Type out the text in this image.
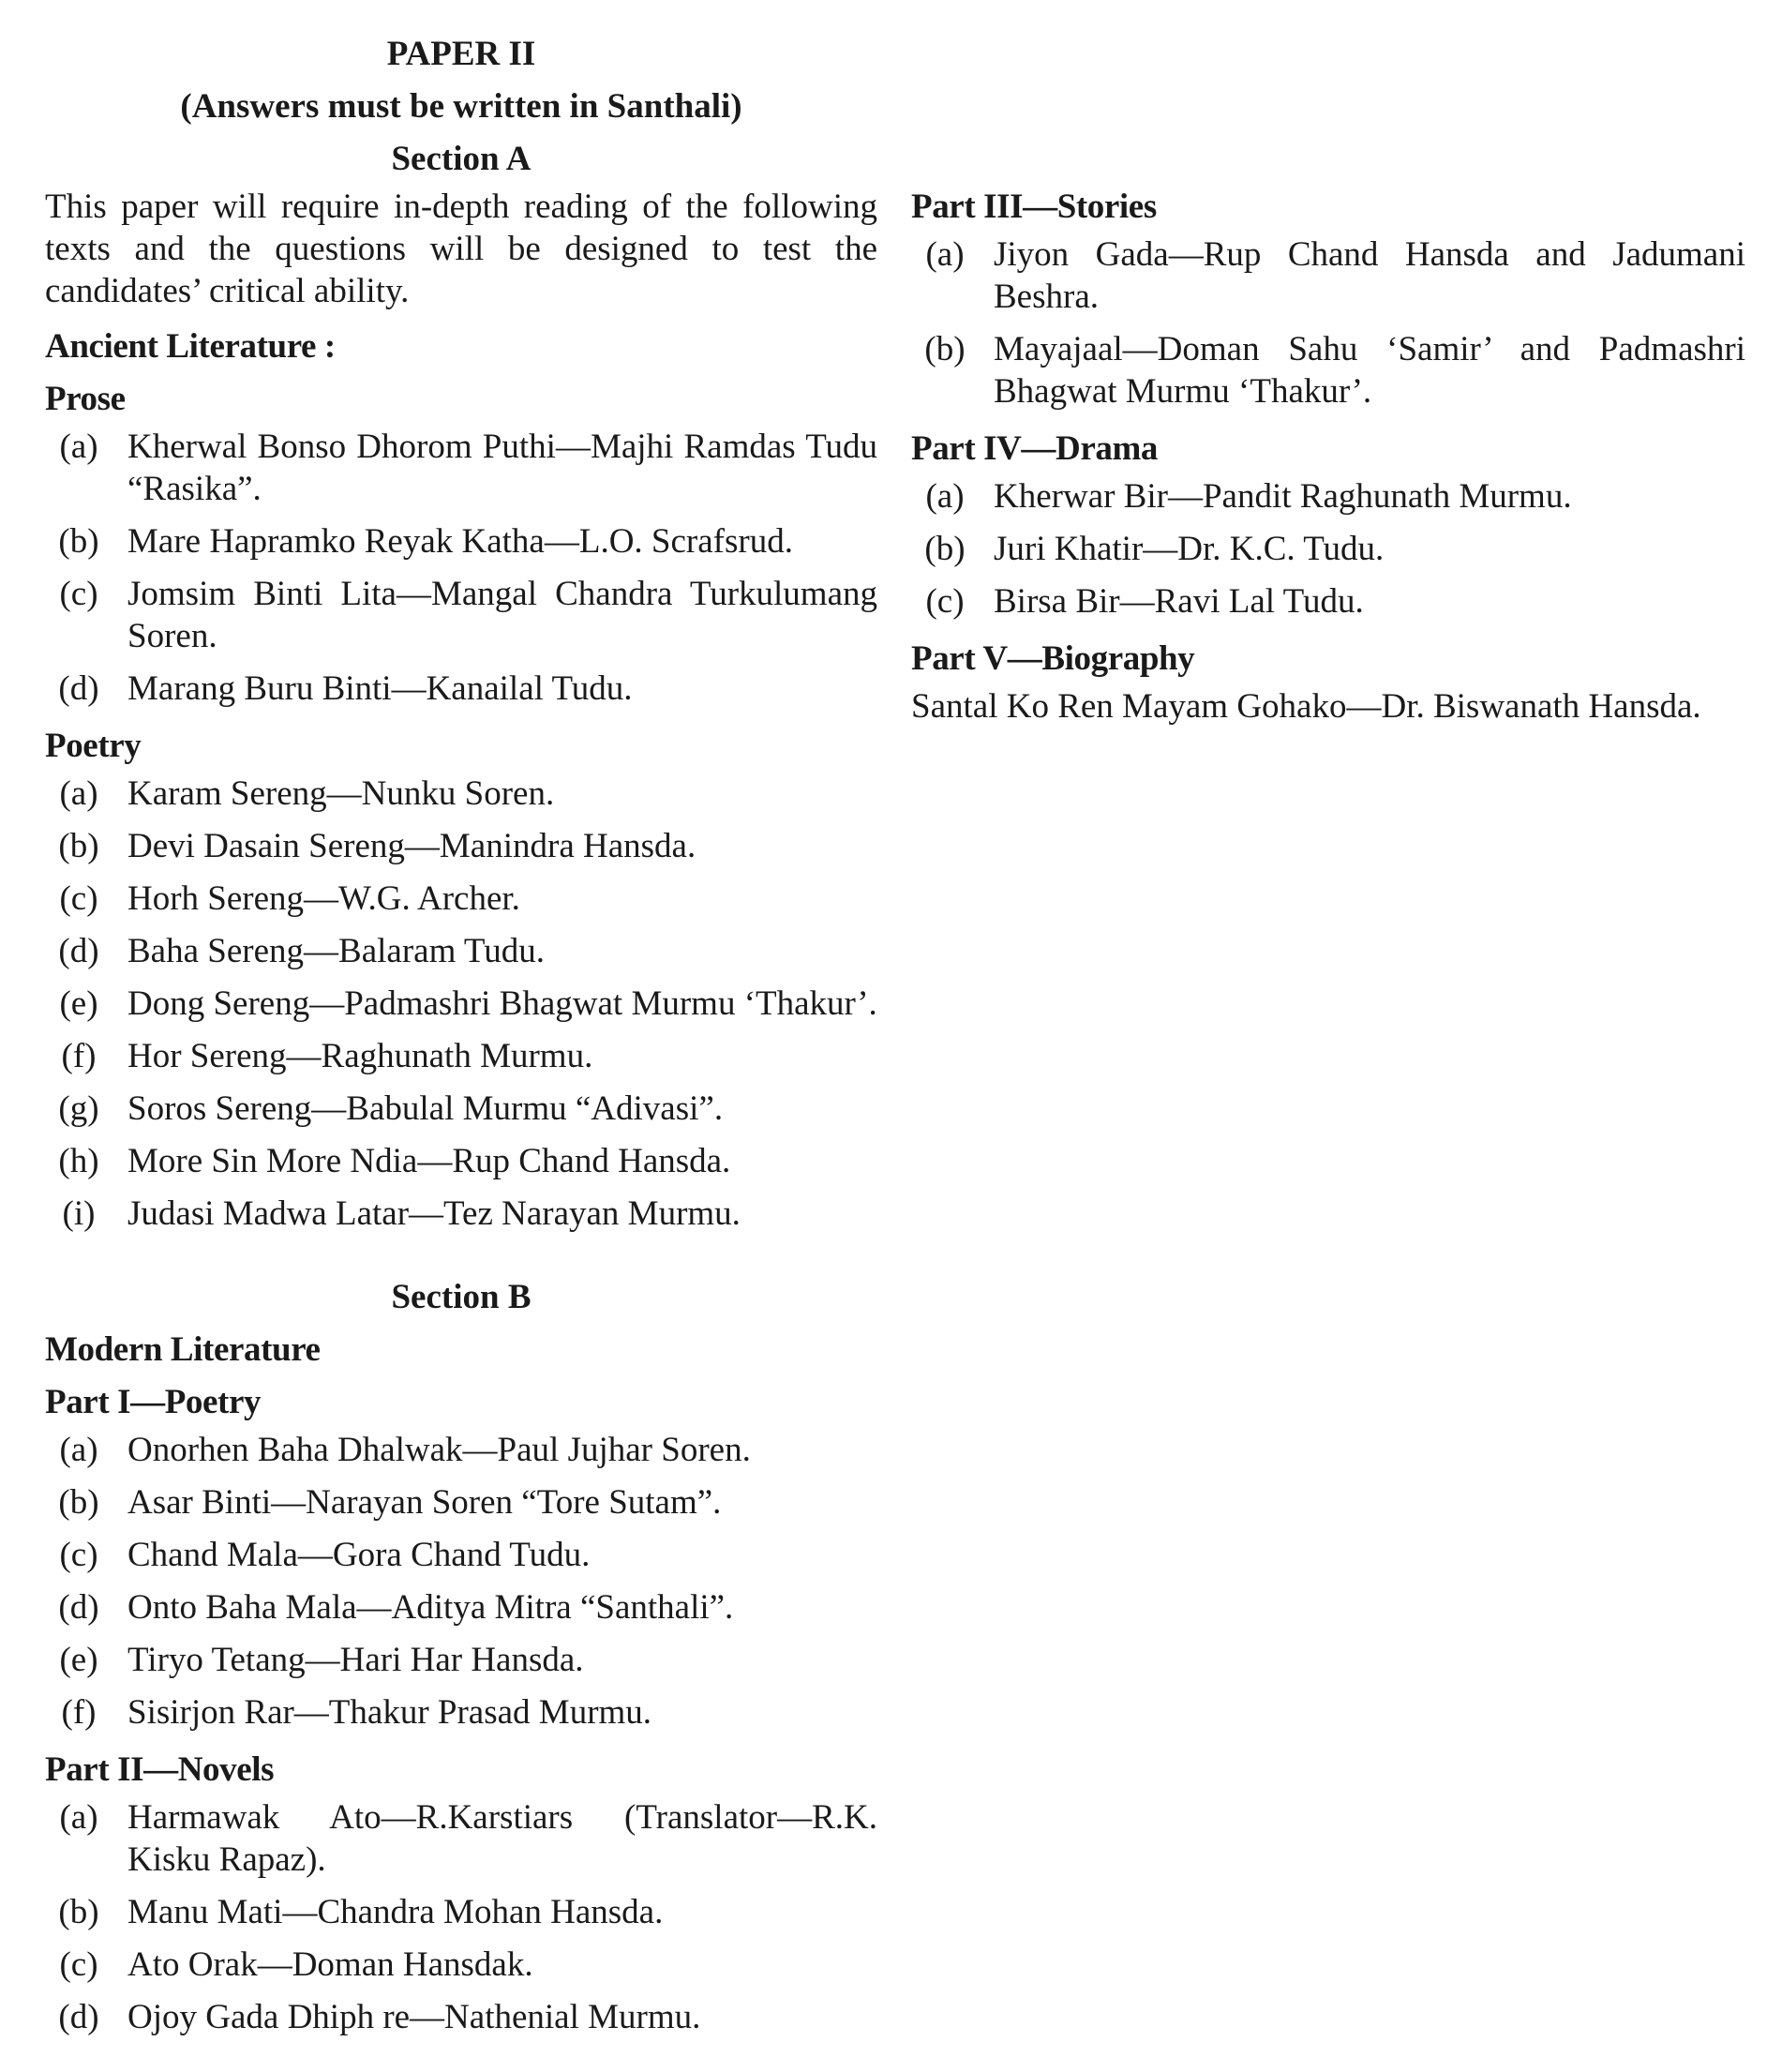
PAPER II
(Answers must be written in Santhali)
Section A

This paper will require in-depth reading of the following texts and the questions will be designed to test the candidates’ critical ability.

Ancient Literature :
Prose
(a) Kherwal Bonso Dhorom Puthi—Majhi Ramdas Tudu “Rasika”.
(b) Mare Hapramko Reyak Katha—L.O. Scrafsrud.
(c) Jomsim Binti Lita—Mangal Chandra Turkulumang Soren.
(d) Marang Buru Binti—Kanailal Tudu.
Poetry
(a) Karam Sereng—Nunku Soren.
(b) Devi Dasain Sereng—Manindra Hansda.
(c) Horh Sereng—W.G. Archer.
(d) Baha Sereng—Balaram Tudu.
(e) Dong Sereng—Padmashri Bhagwat Murmu ‘Thakur’.
(f) Hor Sereng—Raghunath Murmu.
(g) Soros Sereng—Babulal Murmu “Adivasi”.
(h) More Sin More Ndia—Rup Chand Hansda.
(i) Judasi Madwa Latar—Tez Narayan Murmu.
Section B
Modern Literature
Part I—Poetry
(a) Onorhen Baha Dhalwak—Paul Jujhar Soren.
(b) Asar Binti—Narayan Soren “Tore Sutam”.
(c) Chand Mala—Gora Chand Tudu.
(d) Onto Baha Mala—Aditya Mitra “Santhali”.
(e) Tiryo Tetang—Hari Har Hansda.
(f) Sisirjon Rar—Thakur Prasad Murmu.
Part II—Novels
(a) Harmawak Ato—R.Karstiars (Translator—R.K. Kisku Rapaz).
(b) Manu Mati—Chandra Mohan Hansda.
(c) Ato Orak—Doman Hansdak.
(d) Ojoy Gada Dhiph re—Nathenial Murmu.
Part III—Stories
(a) Jiyon Gada—Rup Chand Hansda and Jadumani Beshra.
(b) Mayajaal—Doman Sahu ‘Samir’ and Padmashri Bhagwat Murmu ‘Thakur’.
Part IV—Drama
(a) Kherwar Bir—Pandit Raghunath Murmu.
(b) Juri Khatir—Dr. K.C. Tudu.
(c) Birsa Bir—Ravi Lal Tudu.
Part V—Biography

Santal Ko Ren Mayam Gohako—Dr. Biswanath Hansda.
